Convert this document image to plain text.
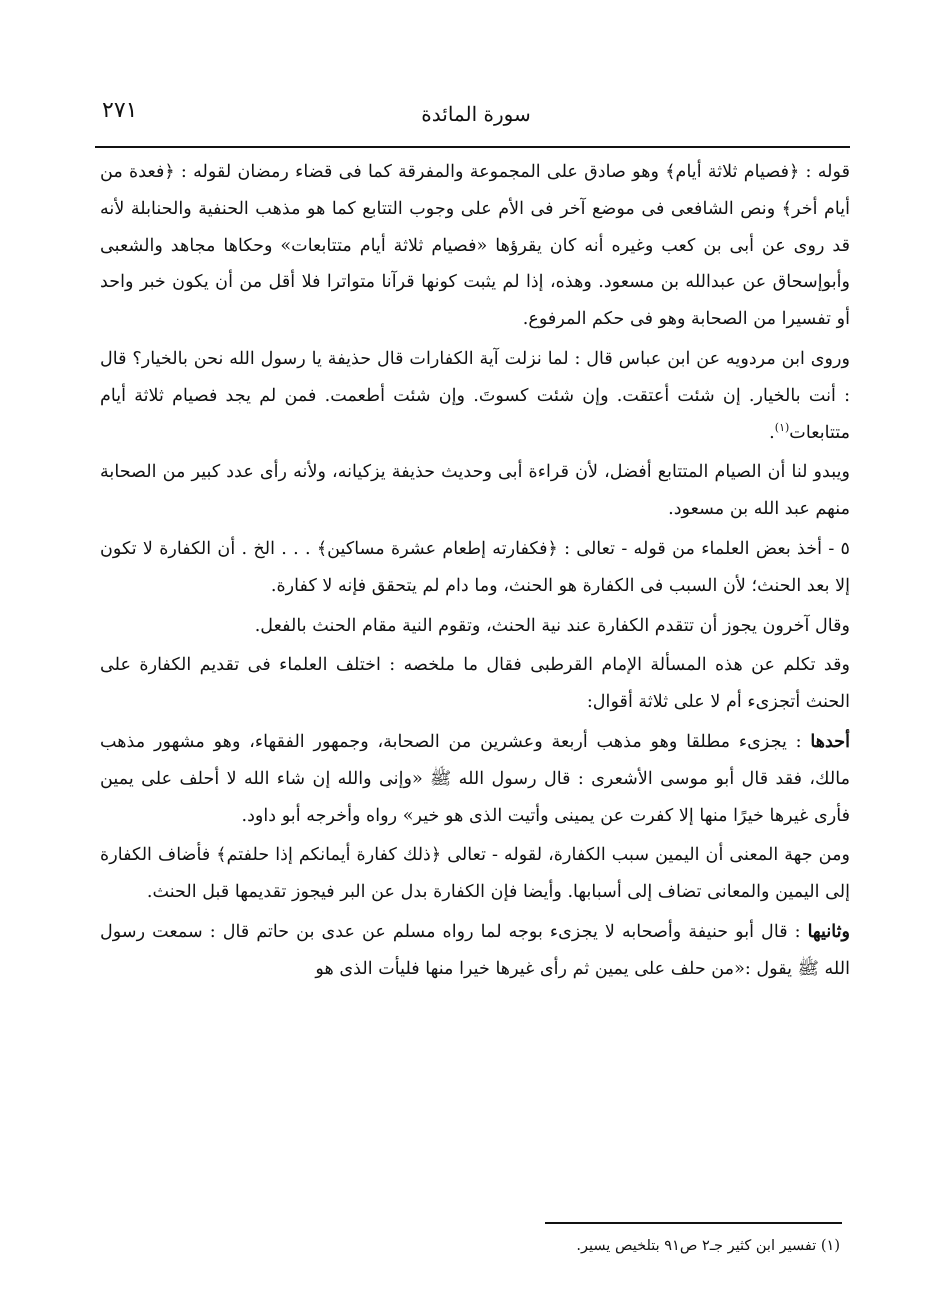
٢٧١	سورة المائدة

قوله : ﴿فصيام ثلاثة أيام﴾ وهو صادق على المجموعة والمفرقة كما فى قضاء رمضان لقوله : ﴿فعدة من أيام أخر﴾ ونص الشافعى فى موضع آخر فى الأم على وجوب التتابع كما هو مذهب الحنفية والحنابلة لأنه قد روى عن أبى بن كعب وغيره أنه كان يقرؤها «فصيام ثلاثة أيام متتابعات» وحكاها مجاهد والشعبى وأبوإسحاق عن عبدالله بن مسعود. وهذه، إذا لم يثبت كونها قرآنا متواترا فلا أقل من أن يكون خبر واحد أو تفسيرا من الصحابة وهو فى حكم المرفوع.

وروى ابن مردويه عن ابن عباس قال : لما نزلت آية الكفارات قال حذيفة يا رسول الله نحن بالخيار؟ قال : أنت بالخيار. إن شئت أعتقت. وإن شئت كسوتَ. وإن شئت أطعمت. فمن لم يجد فصيام ثلاثة أيام متتابعات$^{(١)}$.

ويبدو لنا أن الصيام المتتابع أفضل، لأن قراءة أبى وحديث حذيفة يزكيانه، ولأنه رأى عدد كبير من الصحابة منهم عبد الله بن مسعود.

٥ - أخذ بعض العلماء من قوله - تعالى : ﴿فكفارته إطعام عشرة مساكين﴾ . . . الخ . أن الكفارة لا تكون إلا بعد الحنث؛ لأن السبب فى الكفارة هو الحنث، وما دام لم يتحقق فإنه لا كفارة.

وقال آخرون يجوز أن تتقدم الكفارة عند نية الحنث، وتقوم النية مقام الحنث بالفعل.

وقد تكلم عن هذه المسألة الإمام القرطبى فقال ما ملخصه : اختلف العلماء فى تقديم الكفارة على الحنث أتجزىء أم لا على ثلاثة أقوال:

أحدها : يجزىء مطلقا وهو مذهب أربعة وعشرين من الصحابة، وجمهور الفقهاء، وهو مشهور مذهب مالك، فقد قال أبو موسى الأشعرى : قال رسول الله ﷺ «وإنى والله إن شاء الله لا أحلف على يمين فأرى غيرها خيرًا منها إلا كفرت عن يمينى وأتيت الذى هو خير» رواه وأخرجه أبو داود.

ومن جهة المعنى أن اليمين سبب الكفارة، لقوله - تعالى ﴿ذلك كفارة أيمانكم إذا حلفتم﴾ فأضاف الكفارة إلى اليمين والمعانى تضاف إلى أسبابها. وأيضا فإن الكفارة بدل عن البر فيجوز تقديمها قبل الحنث.

وثانيها : قال أبو حنيفة وأصحابه لا يجزىء بوجه لما رواه مسلم عن عدى بن حاتم قال : سمعت رسول الله ﷺ يقول :«من حلف على يمين ثم رأى غيرها خيرا منها فليأت الذى هو

(١) تفسير ابن كثير جـ٢ ص٩١ بتلخيص يسير.
